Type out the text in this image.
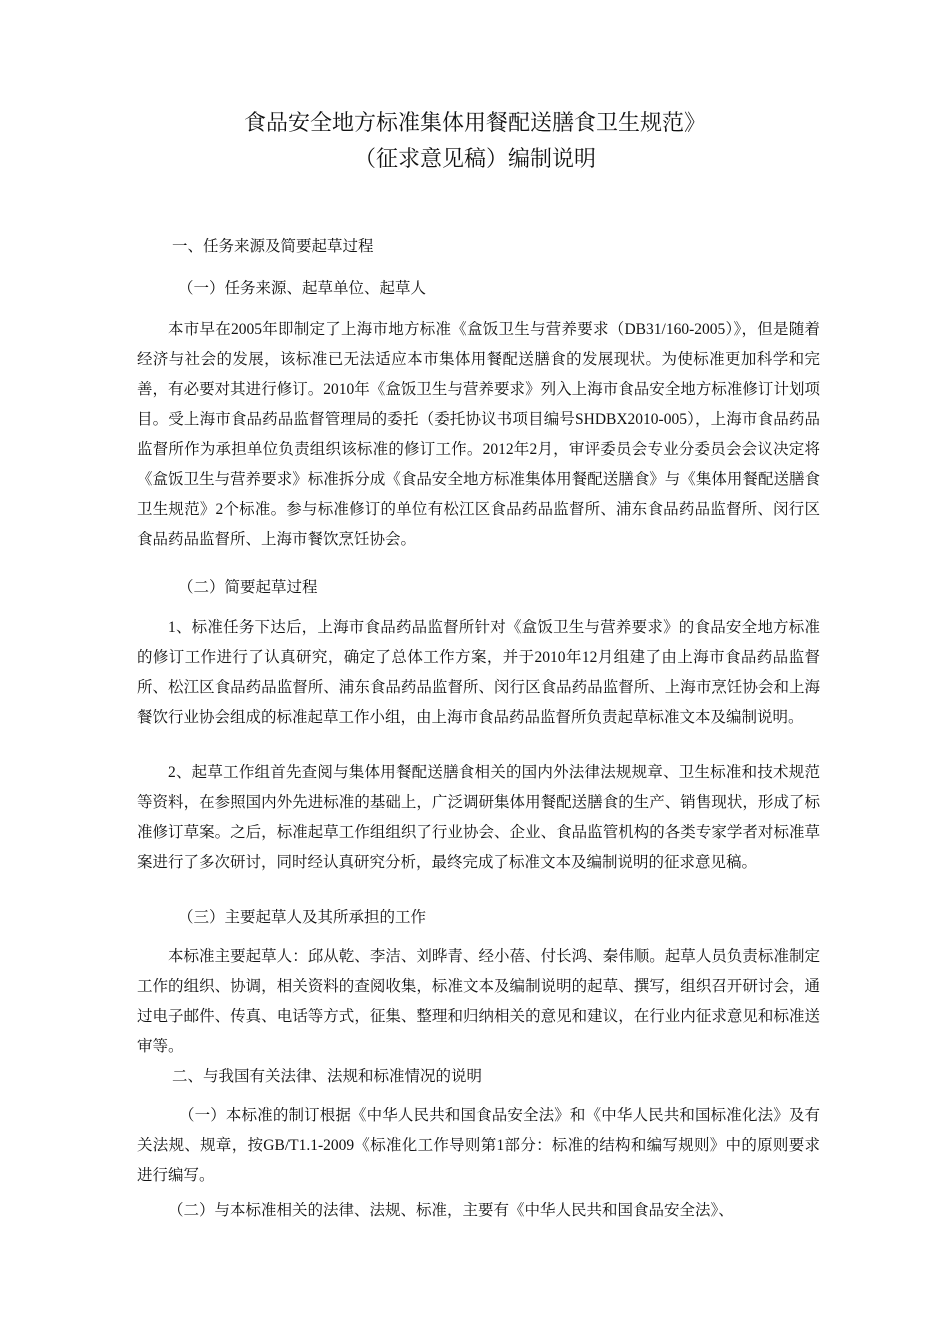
食品安全地方标准集体用餐配送膳食卫生规范》
（征求意见稿）编制说明
一、任务来源及简要起草过程
（一）任务来源、起草单位、起草人
本市早在2005年即制定了上海市地方标准《盒饭卫生与营养要求（DB31/160-2005）》，但是随着经济与社会的发展，该标准已无法适应本市集体用餐配送膳食的发展现状。为使标准更加科学和完善，有必要对其进行修订。2010年《盒饭卫生与营养要求》列入上海市食品安全地方标准修订计划项目。受上海市食品药品监督管理局的委托（委托协议书项目编号SHDBX2010-005），上海市食品药品监督所作为承担单位负责组织该标准的修订工作。2012年2月，审评委员会专业分委员会会议决定将《盒饭卫生与营养要求》标准拆分成《食品安全地方标准集体用餐配送膳食》与《集体用餐配送膳食卫生规范》2个标准。参与标准修订的单位有松江区食品药品监督所、浦东食品药品监督所、闵行区食品药品监督所、上海市餐饮烹饪协会。
（二）简要起草过程
1、标准任务下达后，上海市食品药品监督所针对《盒饭卫生与营养要求》的食品安全地方标准的修订工作进行了认真研究，确定了总体工作方案，并于2010年12月组建了由上海市食品药品监督所、松江区食品药品监督所、浦东食品药品监督所、闵行区食品药品监督所、上海市烹饪协会和上海餐饮行业协会组成的标准起草工作小组，由上海市食品药品监督所负责起草标准文本及编制说明。
2、起草工作组首先查阅与集体用餐配送膳食相关的国内外法律法规规章、卫生标准和技术规范等资料，在参照国内外先进标准的基础上，广泛调研集体用餐配送膳食的生产、销售现状，形成了标准修订草案。之后，标准起草工作组组织了行业协会、企业、食品监管机构的各类专家学者对标准草案进行了多次研讨，同时经认真研究分析，最终完成了标准文本及编制说明的征求意见稿。
（三）主要起草人及其所承担的工作
本标准主要起草人：邱从乾、李洁、刘晔青、经小蓓、付长鸿、秦伟顺。起草人员负责标准制定工作的组织、协调，相关资料的查阅收集，标准文本及编制说明的起草、撰写，组织召开研讨会，通过电子邮件、传真、电话等方式，征集、整理和归纳相关的意见和建议，在行业内征求意见和标准送审等。
二、与我国有关法律、法规和标准情况的说明
（一）本标准的制订根据《中华人民共和国食品安全法》和《中华人民共和国标准化法》及有关法规、规章，按GB/T1.1-2009《标准化工作导则第1部分：标准的结构和编写规则》中的原则要求进行编写。
（二）与本标准相关的法律、法规、标准，主要有《中华人民共和国食品安全法》、
